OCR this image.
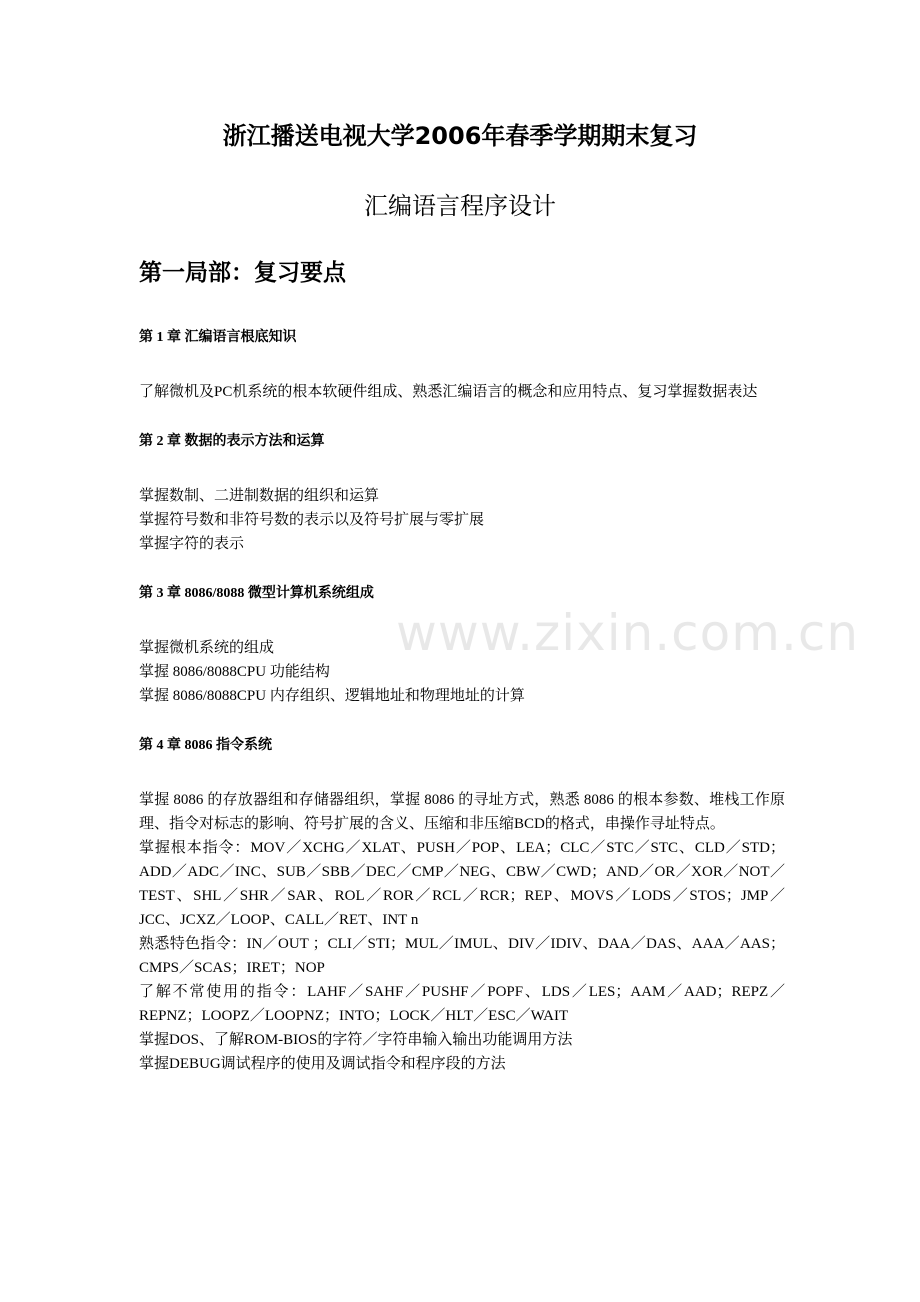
浙江播送电视大学2006年春季学期期末复习
汇编语言程序设计
第一局部：复习要点
第 1 章 汇编语言根底知识

了解微机及PC机系统的根本软硬件组成、熟悉汇编语言的概念和应用特点、复习掌握数据表达

第 2 章 数据的表示方法和运算

掌握数制、二进制数据的组织和运算

掌握符号数和非符号数的表示以及符号扩展与零扩展

掌握字符的表示

第 3 章 8086/8088 微型计算机系统组成

掌握微机系统的组成

掌握 8086/8088CPU 功能结构

掌握 8086/8088CPU 内存组织、逻辑地址和物理地址的计算

第 4 章 8086 指令系统

掌握 8086 的存放器组和存储器组织，掌握 8086 的寻址方式，熟悉 8086 的根本参数、堆栈工作原理、指令对标志的影响、符号扩展的含义、压缩和非压缩BCD的格式，串操作寻址特点。

掌握根本指令：MOV／XCHG／XLAT、PUSH／POP、LEA；CLC／STC／STC、CLD／STD；ADD／ADC／INC、SUB／SBB／DEC／CMP／NEG、CBW／CWD；AND／OR／XOR／NOT／TEST、SHL／SHR／SAR、ROL／ROR／RCL／RCR；REP、MOVS／LODS／STOS；JMP／JCC、JCXZ／LOOP、CALL／RET、INT n

熟悉特色指令：IN／OUT ；CLI／STI；MUL／IMUL、DIV／IDIV、DAA／DAS、AAA／AAS；CMPS／SCAS；IRET；NOP

了解不常使用的指令：LAHF／SAHF／PUSHF／POPF、LDS／LES；AAM／AAD；REPZ／REPNZ；LOOPZ／LOOPNZ；INTO；LOCK／HLT／ESC／WAIT

掌握DOS、了解ROM-BIOS的字符／字符串输入输出功能调用方法

掌握DEBUG调试程序的使用及调试指令和程序段的方法

www.zixin.com.cn
